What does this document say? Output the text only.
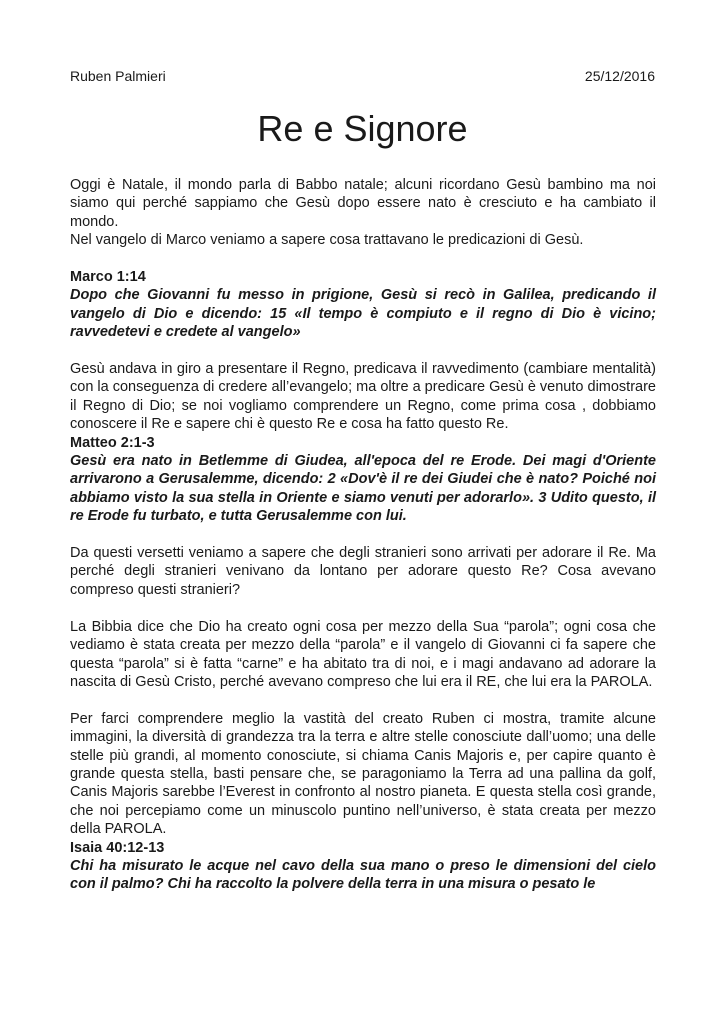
Ruben Palmieri	25/12/2016
Re e Signore

Oggi è Natale, il mondo parla di Babbo natale; alcuni ricordano Gesù bambino ma noi siamo qui perché sappiamo che Gesù dopo essere nato è cresciuto e ha cambiato il mondo.

Nel vangelo di Marco veniamo a sapere cosa trattavano le predicazioni di Gesù.

Marco 1:14

Dopo che Giovanni fu messo in prigione, Gesù si recò in Galilea, predicando il vangelo di Dio e dicendo: 15 «Il tempo è compiuto e il regno di Dio è vicino; ravvedetevi e credete al vangelo»

Gesù andava in giro a presentare il Regno, predicava il ravvedimento (cambiare mentalità) con la conseguenza di credere all’evangelo; ma oltre a predicare Gesù è venuto dimostrare il Regno di Dio; se noi vogliamo comprendere un Regno, come prima cosa , dobbiamo conoscere il Re e sapere chi è questo Re e cosa ha fatto questo Re.

Matteo 2:1-3

Gesù era nato in Betlemme di Giudea, all'epoca del re Erode. Dei magi d'Oriente arrivarono a Gerusalemme, dicendo: 2 «Dov'è il re dei Giudei che è nato? Poiché noi abbiamo visto la sua stella in Oriente e siamo venuti per adorarlo». 3 Udito questo, il re Erode fu turbato, e tutta Gerusalemme con lui.

Da questi versetti veniamo a sapere che degli stranieri sono arrivati per adorare il Re. Ma perché degli stranieri venivano da lontano per adorare questo Re? Cosa avevano compreso questi stranieri?

La Bibbia dice che Dio ha creato ogni cosa per mezzo della Sua “parola”; ogni cosa che vediamo è stata creata per mezzo della “parola” e il vangelo di Giovanni ci fa sapere che questa “parola” si è fatta “carne” e ha abitato tra di noi, e i magi andavano ad adorare la nascita di Gesù Cristo, perché avevano compreso che lui era il RE, che lui era la PAROLA.

Per farci comprendere meglio la vastità del creato Ruben ci mostra, tramite alcune immagini, la diversità di grandezza tra la terra e altre stelle conosciute dall’uomo; una delle stelle più grandi, al momento conosciute, si chiama Canis Majoris e, per capire quanto è grande questa stella, basti pensare che, se paragoniamo la Terra ad una pallina da golf, Canis Majoris sarebbe l’Everest in confronto al nostro pianeta. E questa stella così grande, che noi percepiamo come un minuscolo puntino nell’universo, è stata creata per mezzo della PAROLA.

Isaia 40:12-13

Chi ha misurato le acque nel cavo della sua mano o preso le dimensioni del cielo con il palmo? Chi ha raccolto la polvere della terra in una misura o pesato le
